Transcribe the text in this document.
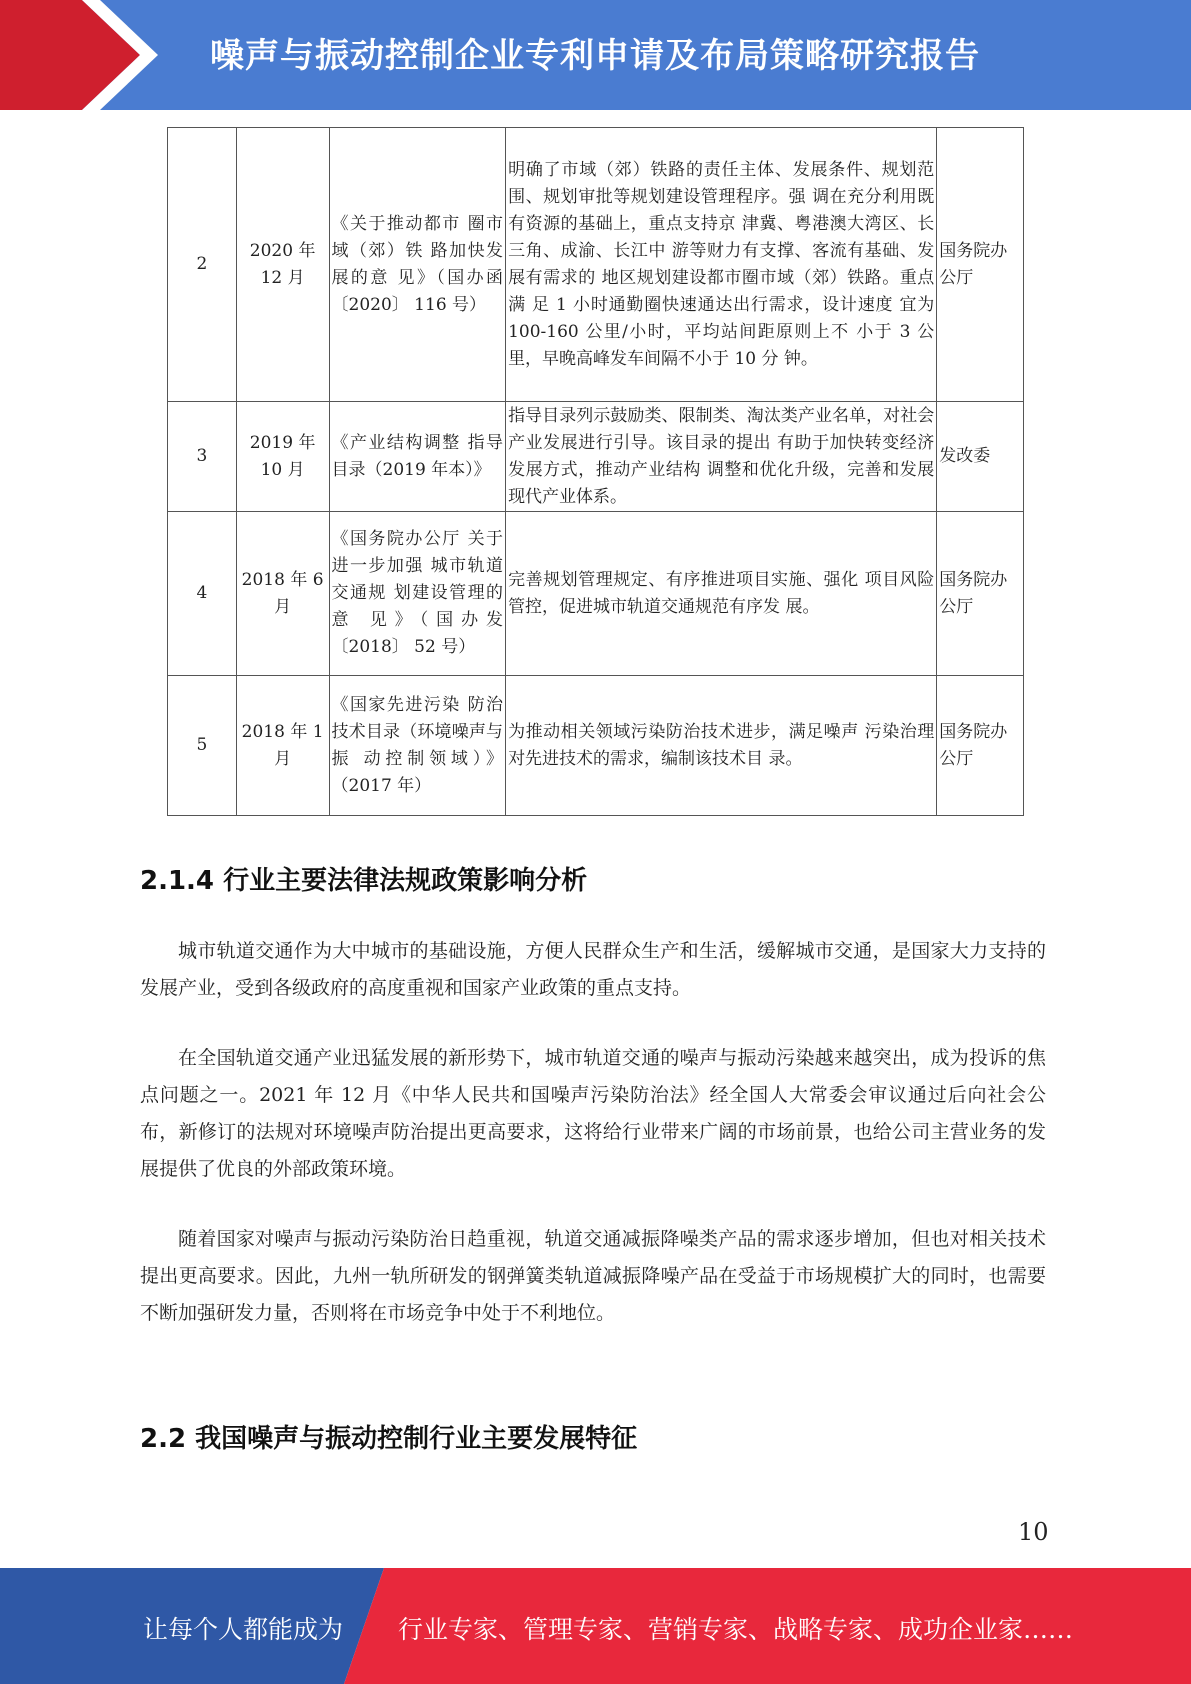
噪声与振动控制企业专利申请及布局策略研究报告
2	2020 年 12 月	《关于推动都市 圈市域（郊）铁 路加快发展的意 见》（国办函〔2020〕 116 号）	明确了市域（郊）铁路的责任主体、发展条件、规划范围、规划审批等规划建设管理程序。强 调在充分利用既有资源的基础上，重点支持京 津冀、粤港澳大湾区、长三角、成渝、长江中 游等财力有支撑、客流有基础、发展有需求的 地区规划建设都市圈市域（郊）铁路。重点满 足 1 小时通勤圈快速通达出行需求，设计速度 宜为 100-160 公里/小时，平均站间距原则上不 小于 3 公里，早晚高峰发车间隔不小于 10 分 钟。	国务院办公厅
3	2019 年 10 月	《产业结构调整 指导目录（2019 年本）》	指导目录列示鼓励类、限制类、淘汰类产业名单，对社会产业发展进行引导。该目录的提出 有助于加快转变经济发展方式，推动产业结构 调整和优化升级，完善和发展现代产业体系。	发改委
4	2018 年 6 月	《国务院办公厅 关于进一步加强 城市轨道交通规 划建设管理的意 见》（国办发〔2018〕 52 号）	完善规划管理规定、有序推进项目实施、强化 项目风险管控，促进城市轨道交通规范有序发 展。	国务院办公厅
5	2018 年 1 月	《国家先进污染 防治技术目录（环境噪声与振 动控制领域）》（2017 年）	为推动相关领域污染防治技术进步，满足噪声 污染治理对先进技术的需求，编制该技术目 录。	国务院办公厅
2.1.4 行业主要法律法规政策影响分析
城市轨道交通作为大中城市的基础设施，方便人民群众生产和生活，缓解城市交通，是国家大力支持的发展产业，受到各级政府的高度重视和国家产业政策的重点支持。
在全国轨道交通产业迅猛发展的新形势下，城市轨道交通的噪声与振动污染越来越突出，成为投诉的焦点问题之一。2021 年 12 月《中华人民共和国噪声污染防治法》经全国人大常委会审议通过后向社会公布，新修订的法规对环境噪声防治提出更高要求，这将给行业带来广阔的市场前景，也给公司主营业务的发展提供了优良的外部政策环境。
随着国家对噪声与振动污染防治日趋重视，轨道交通减振降噪类产品的需求逐步增加，但也对相关技术提出更高要求。因此，九州一轨所研发的钢弹簧类轨道减振降噪产品在受益于市场规模扩大的同时，也需要不断加强研发力量，否则将在市场竞争中处于不利地位。
2.2 我国噪声与振动控制行业主要发展特征
10
让每个人都能成为 行业专家、管理专家、营销专家、战略专家、成功企业家……
